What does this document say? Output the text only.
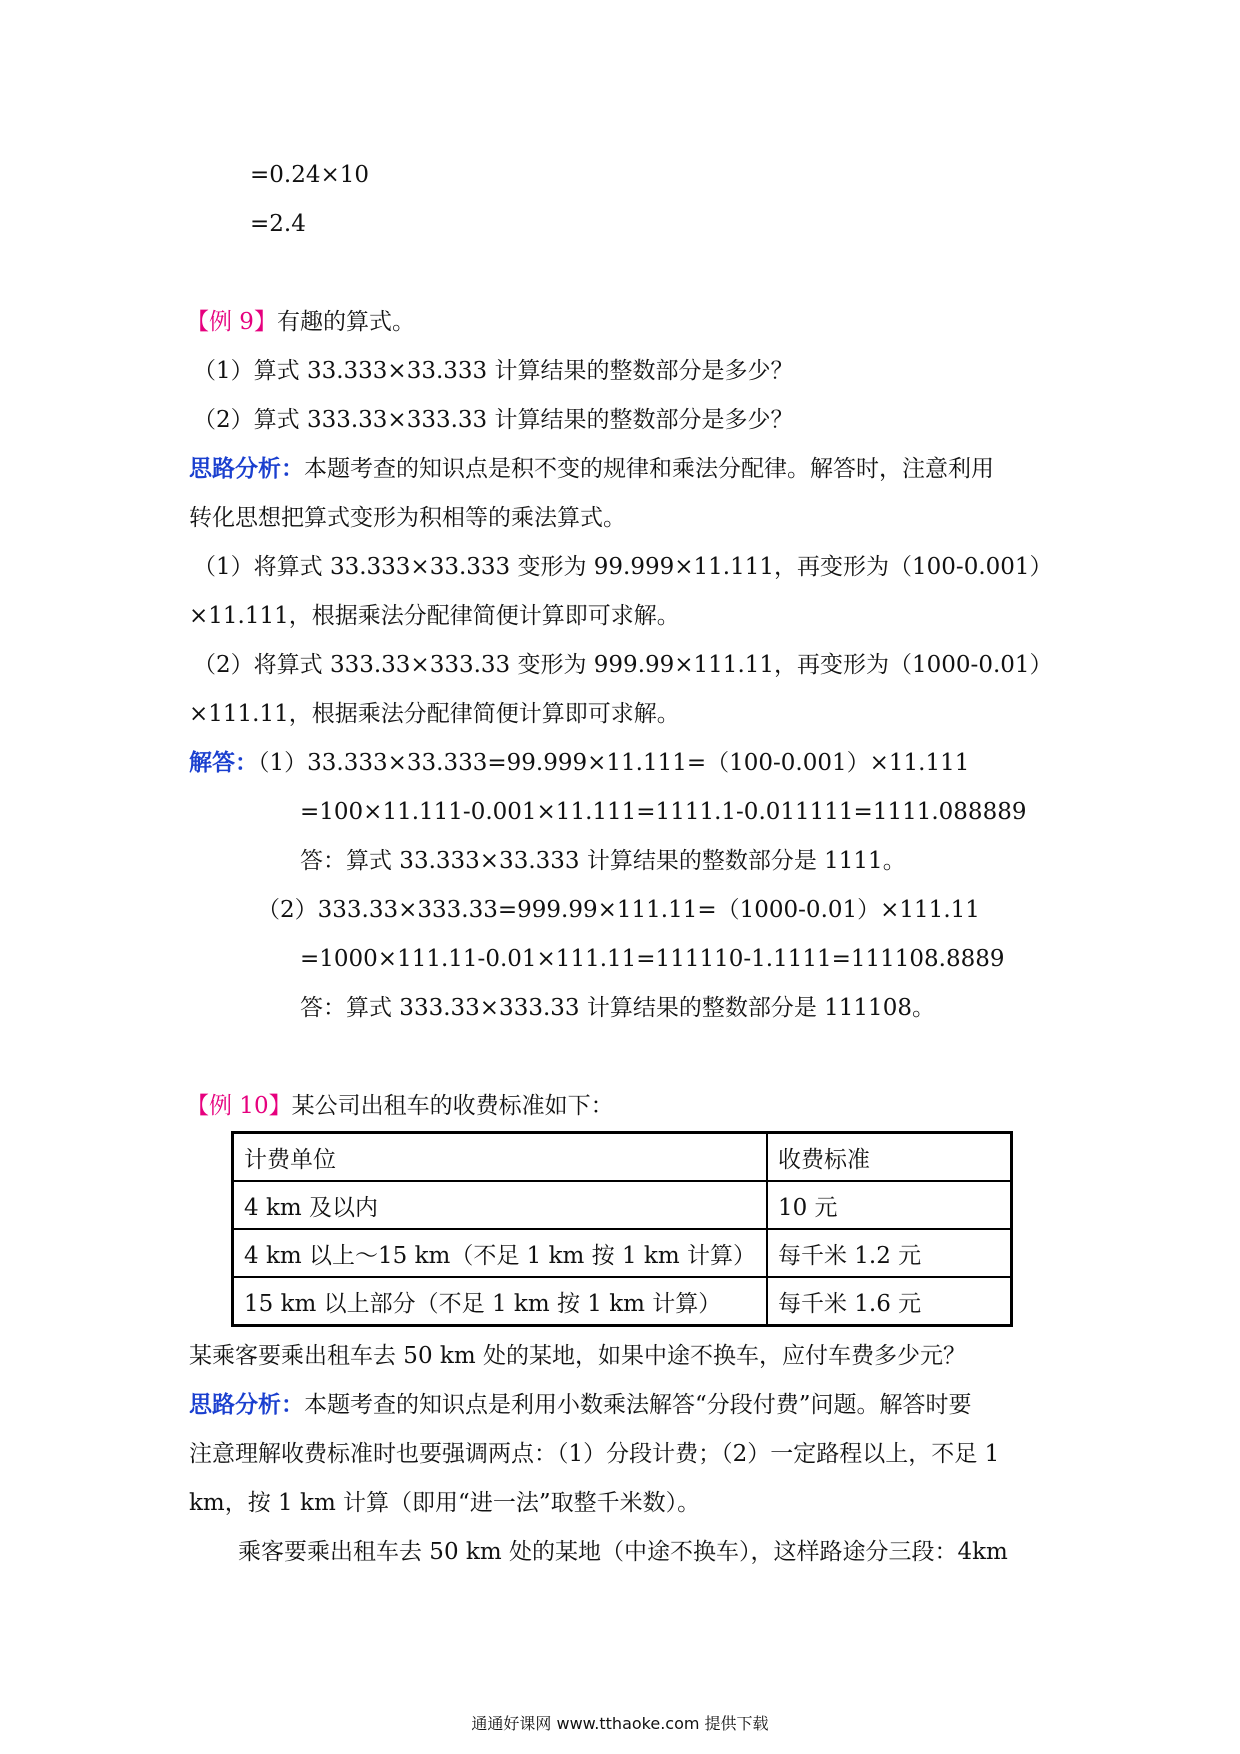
=0.24×10
=2.4
【例 9】有趣的算式。
（1）算式 33.333×33.333 计算结果的整数部分是多少？
（2）算式 333.33×333.33 计算结果的整数部分是多少？
思路分析：本题考查的知识点是积不变的规律和乘法分配律。解答时，注意利用
转化思想把算式变形为积相等的乘法算式。
（1）将算式 33.333×33.333 变形为 99.999×11.111，再变形为（100-0.001）
×11.111，根据乘法分配律简便计算即可求解。
（2）将算式 333.33×333.33 变形为 999.99×111.11，再变形为（1000-0.01）
×111.11，根据乘法分配律简便计算即可求解。
解答：（1）33.333×33.333=99.999×11.111=（100-0.001）×11.111
=100×11.111-0.001×11.111=1111.1-0.011111=1111.088889
答：算式 33.333×33.333 计算结果的整数部分是 1111。
（2）333.33×333.33=999.99×111.11=（1000-0.01）×111.11
=1000×111.11-0.01×111.11=111110-1.1111=111108.8889
答：算式 333.33×333.33 计算结果的整数部分是 111108。
【例 10】某公司出租车的收费标准如下：
计费单位	收费标准
4 km 及以内	10 元
4 km 以上～15 km（不足 1 km 按 1 km 计算）	每千米 1.2 元
15 km 以上部分（不足 1 km 按 1 km 计算）	每千米 1.6 元
某乘客要乘出租车去 50 km 处的某地，如果中途不换车，应付车费多少元？
思路分析：本题考查的知识点是利用小数乘法解答“分段付费”问题。解答时要
注意理解收费标准时也要强调两点：（1）分段计费；（2）一定路程以上，不足 1
km，按 1 km 计算（即用“进一法”取整千米数）。
乘客要乘出租车去 50 km 处的某地（中途不换车），这样路途分三段：4km
通通好课网 www.tthaoke.com 提供下载
